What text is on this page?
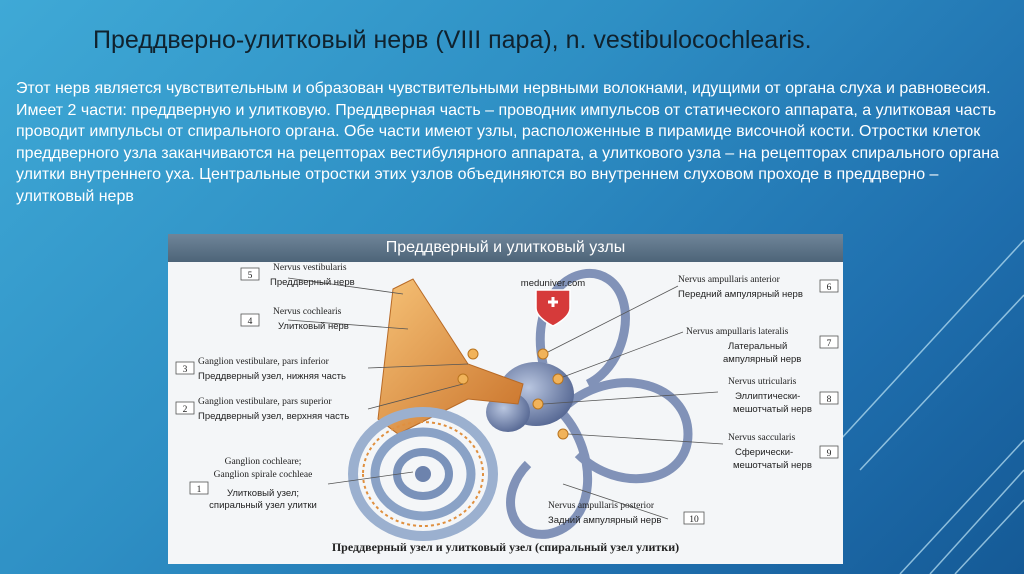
Преддверно-улитковый нерв (VIII пара), n. vestibulocochlearis.
Этот нерв является чувствительным и образован чувствительными нервными волокнами, идущими от органа слуха и равновесия. Имеет 2 части: преддверную и улитковую. Преддверная часть – проводник импульсов от статического аппарата, а улитковая часть проводит импульсы от спирального органа. Обе части имеют узлы, расположенные в пирамиде височной кости. Отростки клеток преддверного узла заканчиваются на рецепторах вестибулярного аппарата, а улиткового узла – на рецепторах спирального органа улитки внутреннего уха. Центральные отростки этих узлов объединяются во внутреннем слуховом проходе в преддверно – улитковый нерв
Преддверный и улитковый узлы
meduniver.com
5
Nervus vestibularis
Преддверный нерв
4
Nervus cochlearis
Улитковый нерв
3
Ganglion vestibulare, pars inferior
Преддверный узел, нижняя часть
2
Ganglion vestibulare, pars superior
Преддверный узел, верхняя часть
1
Ganglion cochleare;
Ganglion spirale cochleae
Улитковый узел;
спиральный узел улитки
Nervus ampullaris anterior
Передний ампулярный нерв
6
Nervus ampullaris lateralis
Латеральный
ампулярный нерв
7
Nervus utricularis
Эллиптически-
мешотчатый нерв
8
Nervus saccularis
Сферически-
мешотчатый нерв
9
Nervus ampullaris posterior
Задний ампулярный нерв	10
Преддверный узел и улитковый узел (спиральный узел улитки)
